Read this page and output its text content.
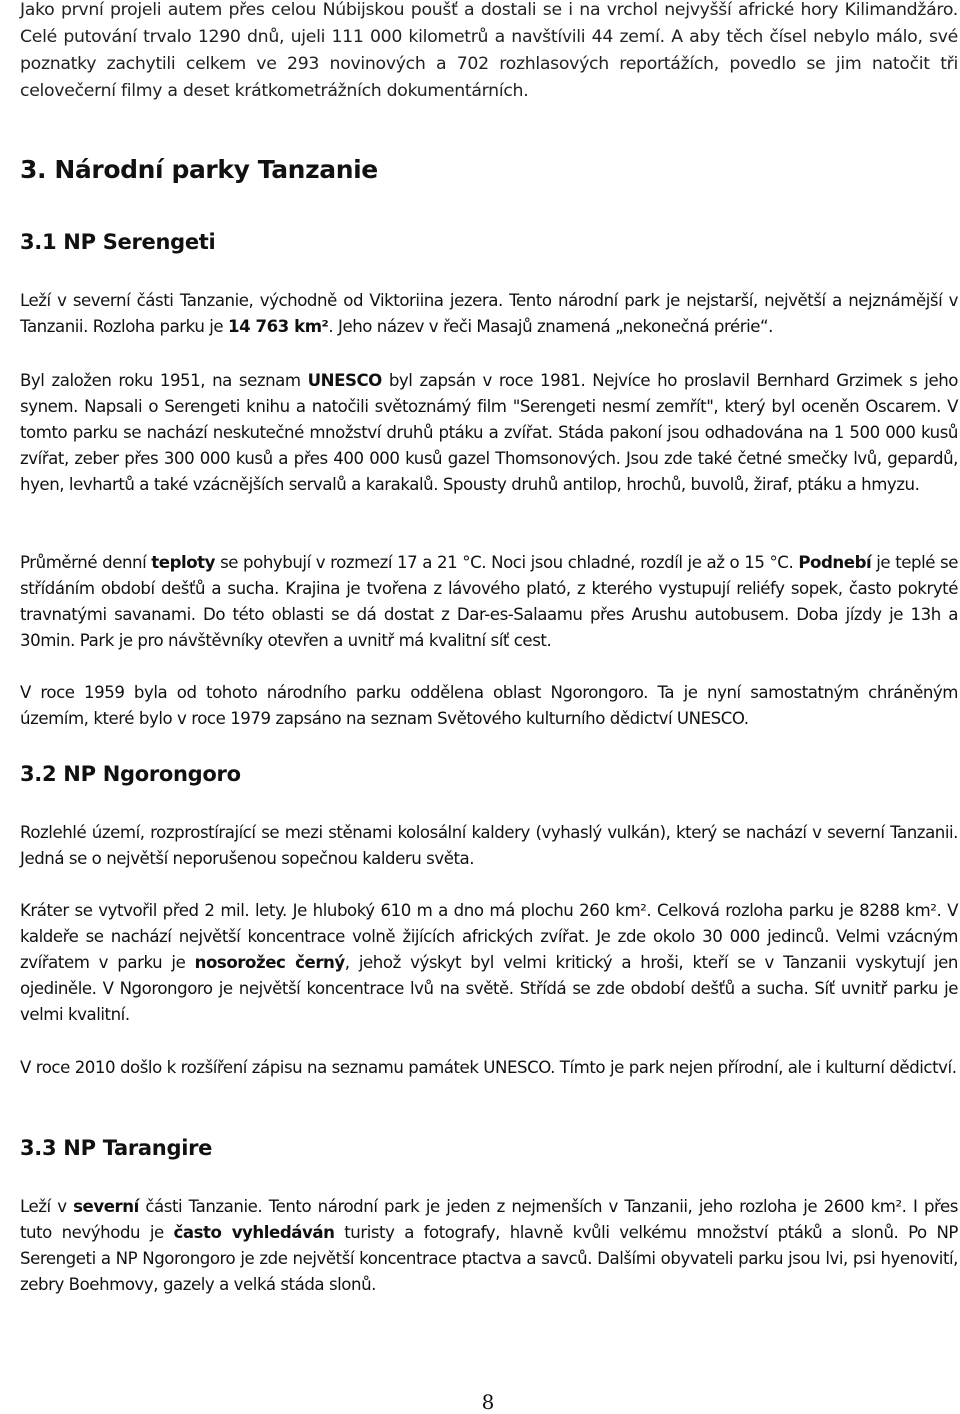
Jako první projeli autem přes celou Núbijskou poušť a dostali se i na vrchol nejvyšší africké hory Kilimandžáro. Celé putování trvalo 1290 dnů, ujeli 111 000 kilometrů a navštívili 44 zemí. A aby těch čísel nebylo málo, své poznatky zachytili celkem ve 293 novinových a 702 rozhlasových reportážích, povedlo se jim natočit tři celovečerní filmy a deset krátkometrážních dokumentárních.

3. Národní parky Tanzanie
3.1 NP Serengeti

Leží v severní části Tanzanie, východně od Viktoriina jezera. Tento národní park je nejstarší, největší a nejznámější v Tanzanii. Rozloha parku je 14 763 km². Jeho název v řeči Masajů znamená „nekonečná prérie“.

Byl založen roku 1951, na seznam UNESCO byl zapsán v roce 1981. Nejvíce ho proslavil Bernhard Grzimek s jeho synem. Napsali o Serengeti knihu a natočili světoznámý film "Serengeti nesmí zemřít", který byl oceněn Oscarem. V tomto parku se nachází neskutečné množství druhů ptáku a zvířat. Stáda pakoní jsou odhadována na 1 500 000 kusů zvířat, zeber přes 300 000 kusů a přes 400 000 kusů gazel Thomsonových. Jsou zde také četné smečky lvů, gepardů, hyen, levhartů a také vzácnějších servalů a karakalů. Spousty druhů antilop, hrochů, buvolů, žiraf, ptáku a hmyzu.

Průměrné denní teploty se pohybují v rozmezí 17 a 21 °C. Noci jsou chladné, rozdíl je až o 15 °C. Podnebí je teplé se střídáním období dešťů a sucha. Krajina je tvořena z lávového plató, z kterého vystupují reliéfy sopek, často pokryté travnatými savanami. Do této oblasti se dá dostat z Dar-es-Salaamu přes Arushu autobusem. Doba jízdy je 13h a 30min. Park je pro návštěvníky otevřen a uvnitř má kvalitní síť cest.

V roce 1959 byla od tohoto národního parku oddělena oblast Ngorongoro. Ta je nyní samostatným chráněným územím, které bylo v roce 1979 zapsáno na seznam Světového kulturního dědictví UNESCO.

3.2 NP Ngorongoro

Rozlehlé území, rozprostírající se mezi stěnami kolosální kaldery (vyhaslý vulkán), který se nachází v severní Tanzanii. Jedná se o největší neporušenou sopečnou kalderu světa.

Kráter se vytvořil před 2 mil. lety. Je hluboký 610 m a dno má plochu 260 km². Celková rozloha parku je 8288 km². V kaldeře se nachází největší koncentrace volně žijících afrických zvířat. Je zde okolo 30 000 jedinců. Velmi vzácným zvířatem v parku je nosorožec černý, jehož výskyt byl velmi kritický a hroši, kteří se v Tanzanii vyskytují jen ojediněle. V Ngorongoro je největší koncentrace lvů na světě. Střídá se zde období dešťů a sucha. Síť uvnitř parku je velmi kvalitní.

V roce 2010 došlo k rozšíření zápisu na seznamu památek UNESCO. Tímto je park nejen přírodní, ale i kulturní dědictví.

3.3 NP Tarangire

Leží v severní části Tanzanie. Tento národní park je jeden z nejmenších v Tanzanii, jeho rozloha je 2600 km². I přes tuto nevýhodu je často vyhledáván turisty a fotografy, hlavně kvůli velkému množství ptáků a slonů. Po NP Serengeti a NP Ngorongoro je zde největší koncentrace ptactva a savců. Dalšími obyvateli parku jsou lvi, psi hyenovití, zebry Boehmovy, gazely a velká stáda slonů.

8
